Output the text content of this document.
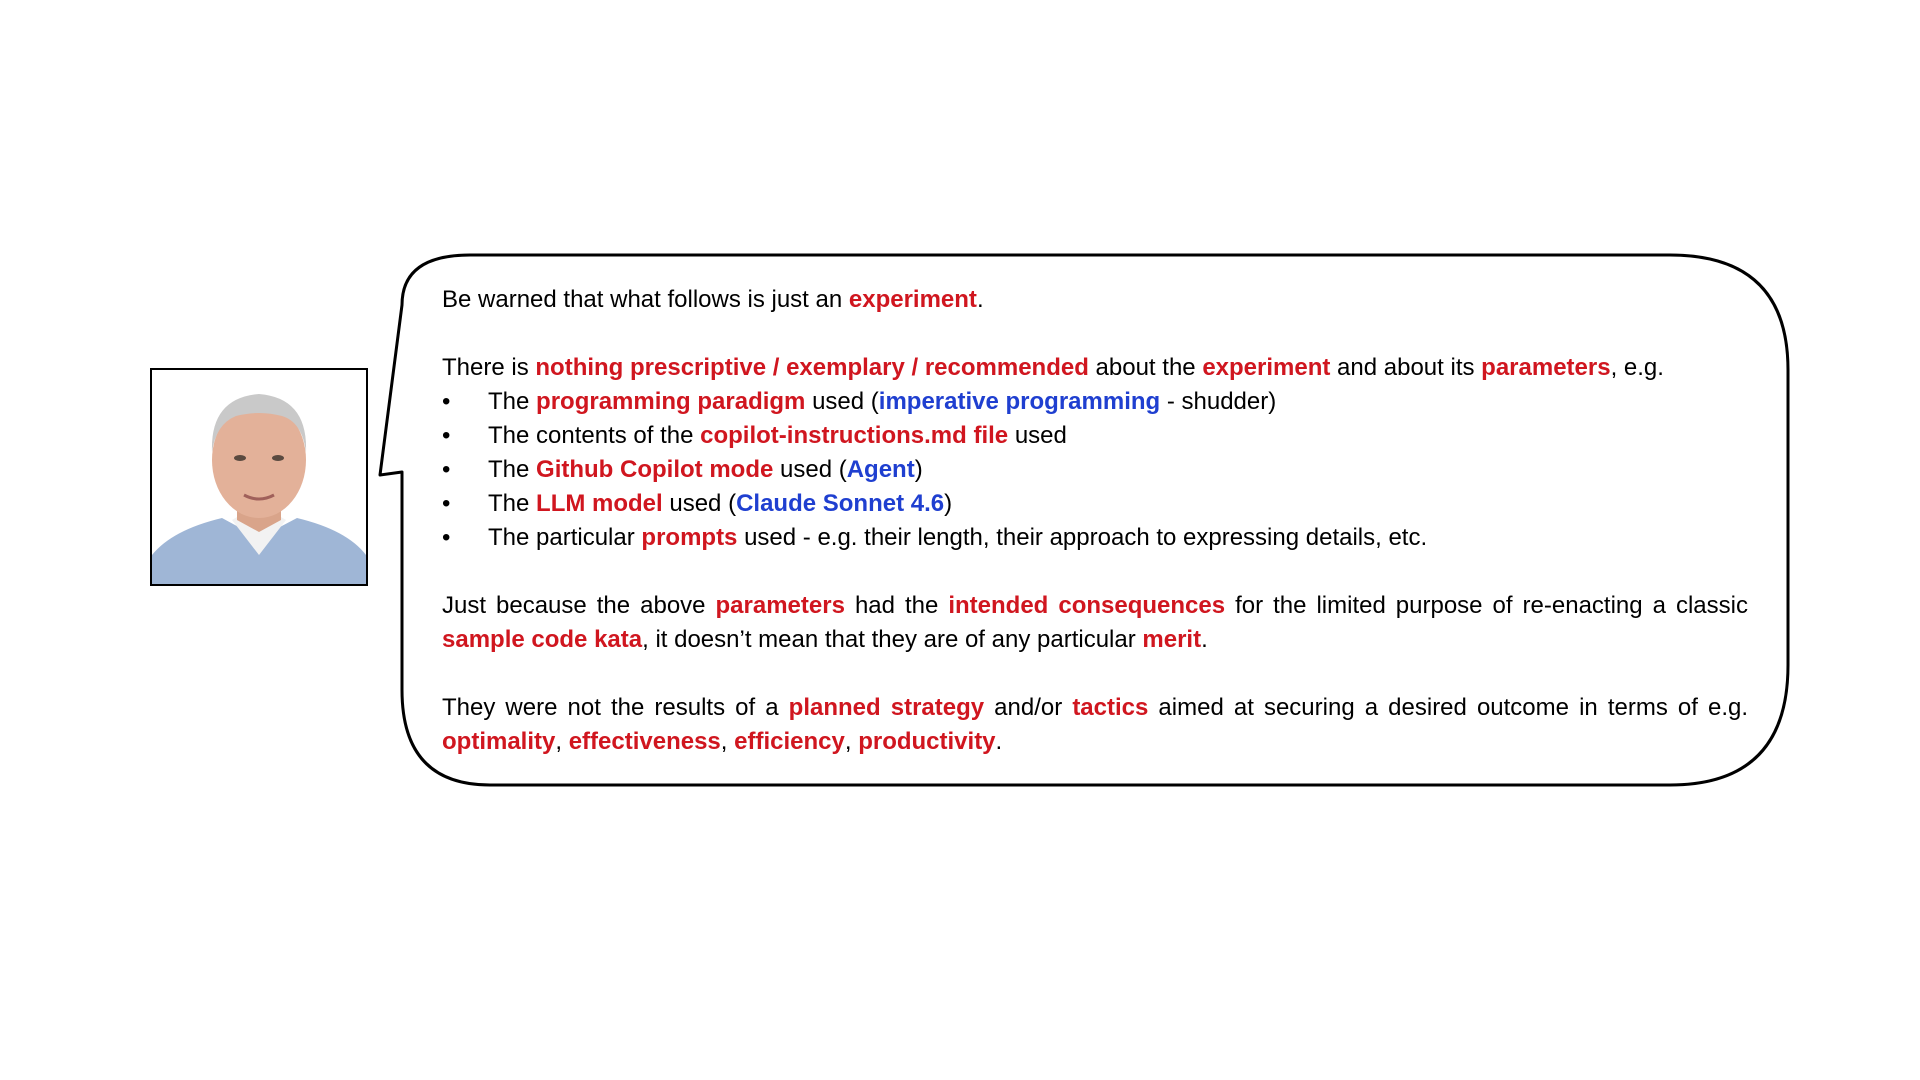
Be warned that what follows is just an experiment.

There is nothing prescriptive / exemplary / recommended about the experiment and about its parameters, e.g.

•	The programming paradigm used (imperative programming - shudder)
•	The contents of the copilot-instructions.md file used
•	The Github Copilot mode used (Agent)
•	The LLM model used (Claude Sonnet 4.6)
•	The particular prompts used - e.g. their length, their approach to expressing details, etc.

Just because the above parameters had the intended consequences for the limited purpose of re-enacting a classic sample code kata, it doesn’t mean that they are of any particular merit.

They were not the results of a planned strategy and/or tactics aimed at securing a desired outcome in terms of e.g. optimality, effectiveness, efficiency, productivity.
